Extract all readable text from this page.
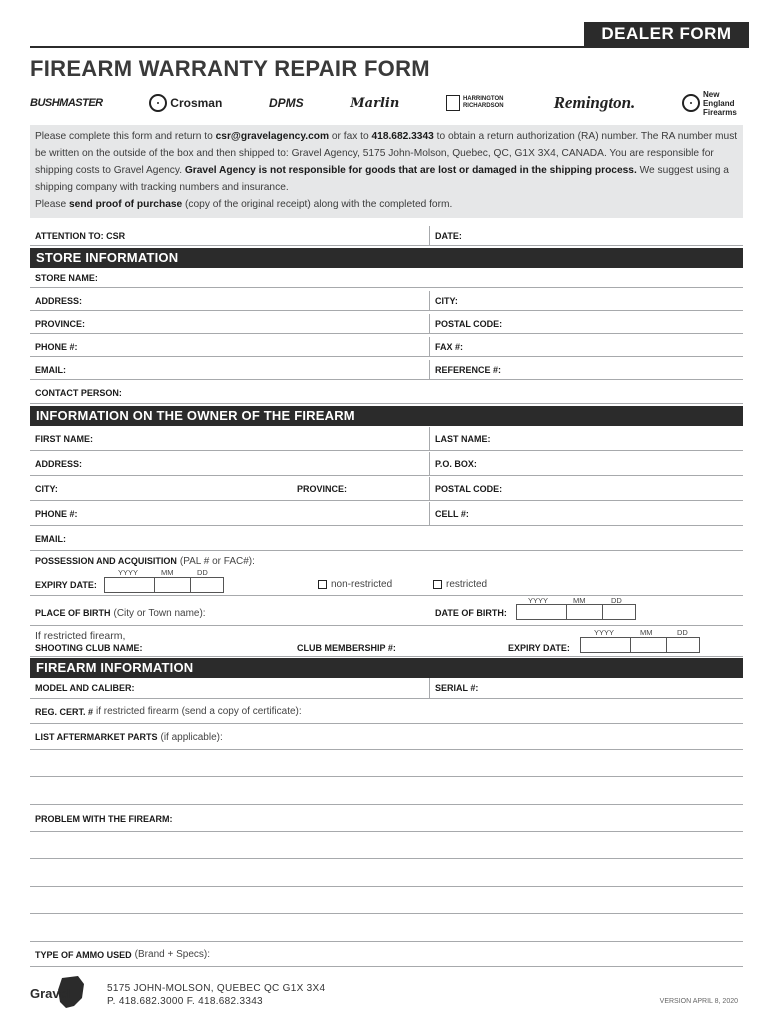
DEALER FORM
FIREARM WARRANTY REPAIR FORM
BUSHMASTER	Crosman	DPMS	Marlin	HARRINGTON RICHARDSON	Remington.	New England Firearms
Please complete this form and return to csr@gravelagency.com or fax to 418.682.3343 to obtain a return authorization (RA) number. The RA number must be written on the outside of the box and then shipped to: Gravel Agency, 5175 John-Molson, Quebec, QC, G1X 3X4, CANADA. You are responsible for shipping costs to Gravel Agency. Gravel Agency is not responsible for goods that are lost or damaged in the shipping process. We suggest using a shipping company with tracking numbers and insurance.
Please send proof of purchase (copy of the original receipt) along with the completed form.
ATTENTION TO: CSR	DATE:
STORE INFORMATION
STORE NAME:
ADDRESS:	CITY:
PROVINCE:	POSTAL CODE:
PHONE #:	FAX #:
EMAIL:	REFERENCE #:
CONTACT PERSON:
INFORMATION ON THE OWNER OF THE FIREARM
FIRST NAME:	LAST NAME:
ADDRESS:	P.O. BOX:
CITY:	PROVINCE:	POSTAL CODE:
PHONE #:	CELL #:
EMAIL:
POSSESSION AND ACQUISITION (PAL # or FAC#):
EXPIRY DATE:
YYYY	MM	DD
non-restricted	restricted
PLACE OF BIRTH (City or Town name):	DATE OF BIRTH:
YYYY	MM	DD
If restricted firearm,
SHOOTING CLUB NAME:	CLUB MEMBERSHIP #:	EXPIRY DATE:
YYYY	MM	DD
FIREARM INFORMATION
MODEL AND CALIBER:	SERIAL #:
REG. CERT. # if restricted firearm (send a copy of certificate):
LIST AFTERMARKET PARTS (if applicable):
PROBLEM WITH THE FIREARM:
TYPE OF AMMO USED (Brand + Specs):
Gravel	5175 JOHN-MOLSON, QUEBEC QC G1X 3X4
P. 418.682.3000 F. 418.682.3343	VERSION APRIL 8, 2020
